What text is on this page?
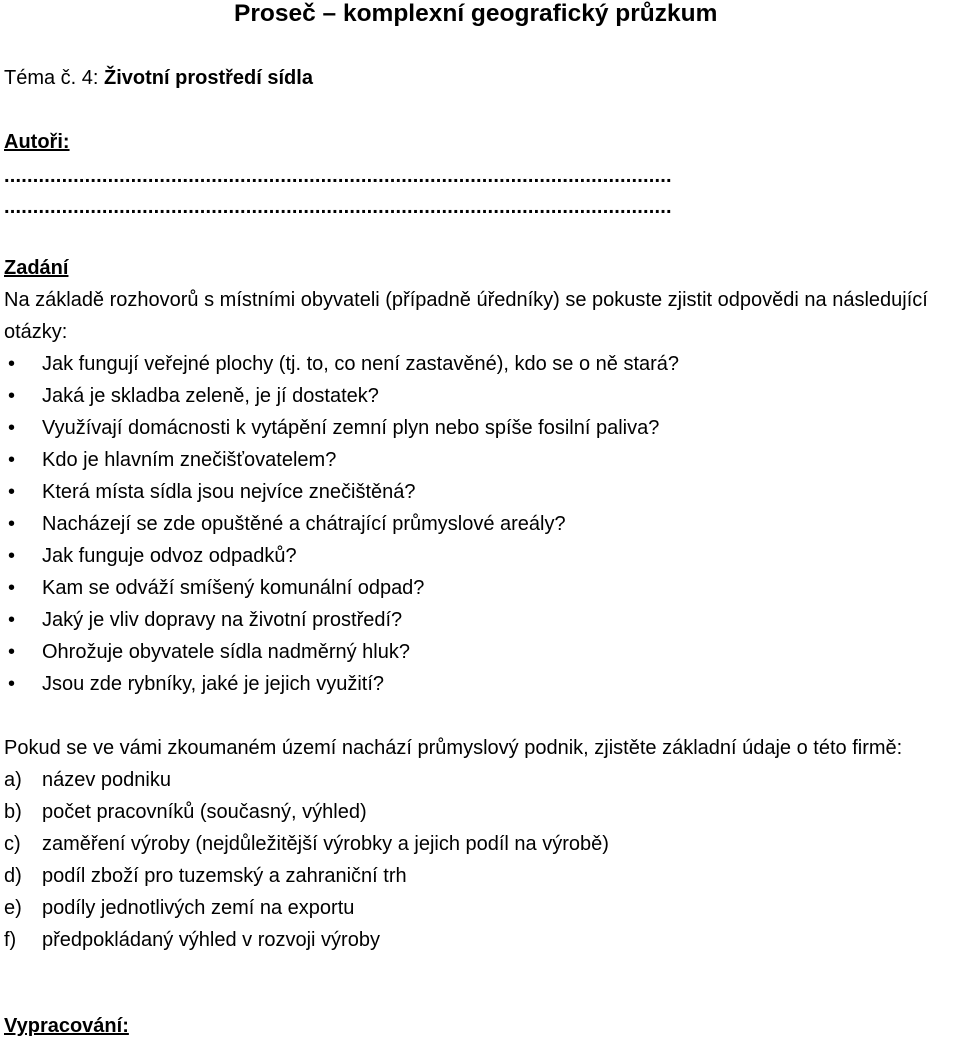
Proseč – komplexní geografický průzkum
Téma č. 4: Životní prostředí sídla
Autoři:
....................................................................................................................
....................................................................................................................
Zadání
Na základě rozhovorů s místními obyvateli (případně úředníky) se pokuste zjistit odpovědi na následující otázky:
• Jak fungují veřejné plochy (tj. to, co není zastavěné), kdo se o ně stará?
• Jaká je skladba zeleně, je jí dostatek?
• Využívají domácnosti k vytápění zemní plyn nebo spíše fosilní paliva?
• Kdo je hlavním znečišťovatelem?
• Která místa sídla jsou nejvíce znečištěná?
• Nacházejí se zde opuštěné a chátrající průmyslové areály?
• Jak funguje odvoz odpadků?
• Kam se odváží smíšený komunální odpad?
• Jaký je vliv dopravy na životní prostředí?
• Ohrožuje obyvatele sídla nadměrný hluk?
• Jsou zde rybníky, jaké je jejich využití?
Pokud se ve vámi zkoumaném území nachází průmyslový podnik, zjistěte základní údaje o této firmě:
a) název podniku
b) počet pracovníků (současný, výhled)
c) zaměření výroby (nejdůležitější výrobky a jejich podíl na výrobě)
d) podíl zboží pro tuzemský a zahraniční trh
e) podíly jednotlivých zemí na exportu
f) předpokládaný výhled v rozvoji výroby
Vypracování:
